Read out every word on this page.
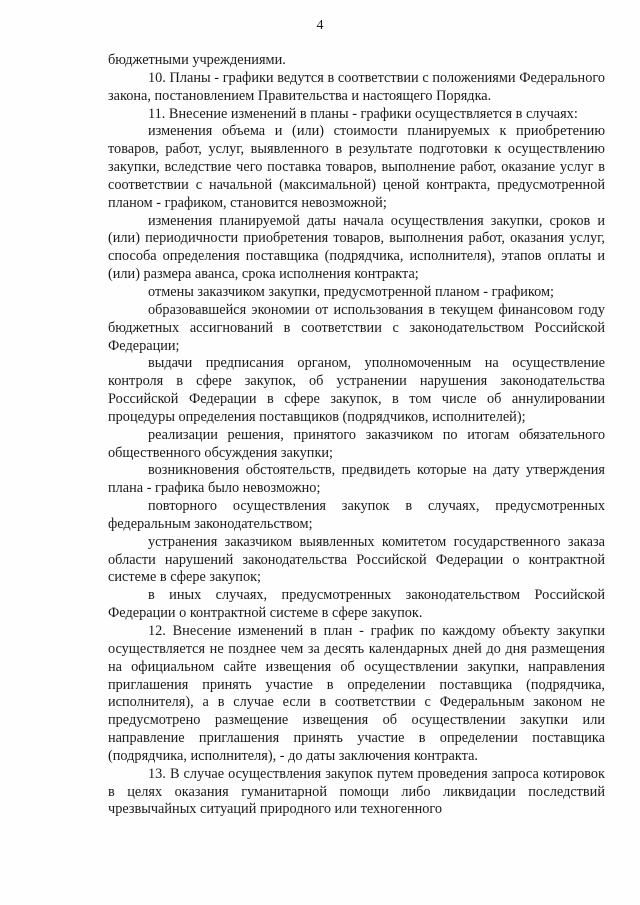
4

бюджетными учреждениями.

10. Планы - графики ведутся в соответствии с положениями Федерального закона, постановлением Правительства и настоящего Порядка.

11. Внесение изменений в планы - графики осуществляется в случаях:

изменения объема и (или) стоимости планируемых к приобретению товаров, работ, услуг, выявленного в результате подготовки к осуществлению закупки, вследствие чего поставка товаров, выполнение работ, оказание услуг в соответствии с начальной (максимальной) ценой контракта, предусмотренной планом - графиком, становится невозможной;

изменения планируемой даты начала осуществления закупки, сроков и (или) периодичности приобретения товаров, выполнения работ, оказания услуг, способа определения поставщика (подрядчика, исполнителя), этапов оплаты и (или) размера аванса, срока исполнения контракта;

отмены заказчиком закупки, предусмотренной планом - графиком;

образовавшейся экономии от использования в текущем финансовом году бюджетных ассигнований в соответствии с законодательством Российской Федерации;

выдачи предписания органом, уполномоченным на осуществление контроля в сфере закупок, об устранении нарушения законодательства Российской Федерации в сфере закупок, в том числе об аннулировании процедуры определения поставщиков (подрядчиков, исполнителей);

реализации решения, принятого заказчиком по итогам обязательного общественного обсуждения закупки;

возникновения обстоятельств, предвидеть которые на дату утверждения плана - графика было невозможно;

повторного осуществления закупок в случаях, предусмотренных федеральным законодательством;

устранения заказчиком выявленных комитетом государственного заказа области нарушений законодательства Российской Федерации о контрактной системе в сфере закупок;

в иных случаях, предусмотренных законодательством Российской Федерации о контрактной системе в сфере закупок.

12. Внесение изменений в план - график по каждому объекту закупки осуществляется не позднее чем за десять календарных дней до дня размещения на официальном сайте извещения об осуществлении закупки, направления приглашения принять участие в определении поставщика (подрядчика, исполнителя), а в случае если в соответствии с Федеральным законом не предусмотрено размещение извещения об осуществлении закупки или направление приглашения принять участие в определении поставщика (подрядчика, исполнителя), - до даты заключения контракта.

13. В случае осуществления закупок путем проведения запроса котировок в целях оказания гуманитарной помощи либо ликвидации последствий чрезвычайных ситуаций природного или техногенного
